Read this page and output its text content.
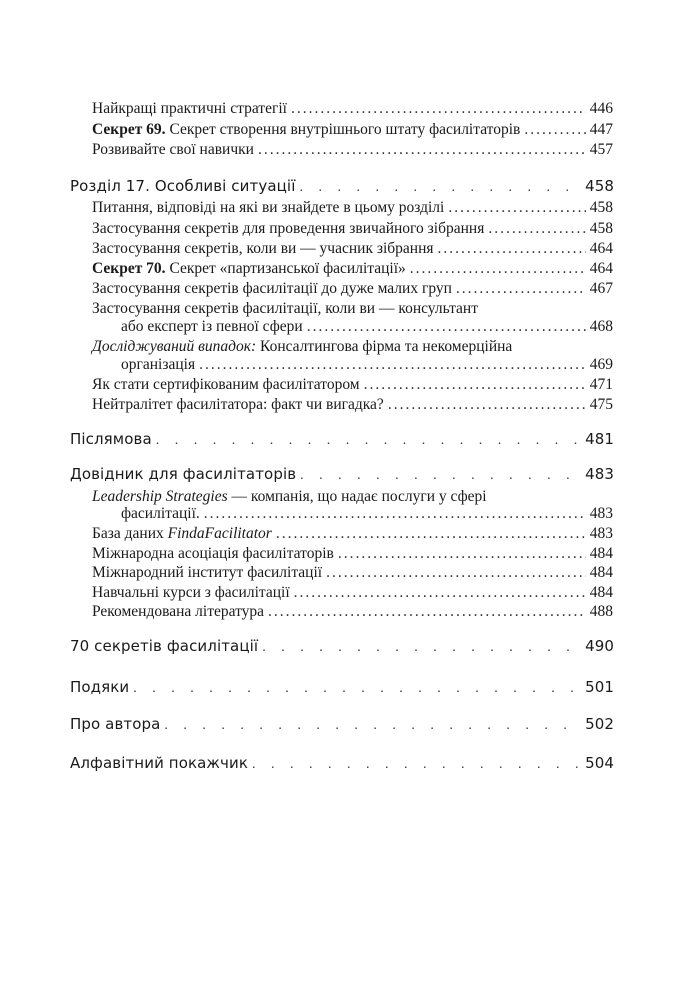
Найкращі практичні стратегії .....	446
Секрет 69. Секрет створення внутрішнього штату фасилітаторів .....	447
Розвивайте свої навички .....	457
Розділ 17. Особливі ситуації . . .	458
Питання, відповіді на які ви знайдете в цьому розділі .....	458
Застосування секретів для проведення звичайного зібрання .....	458
Застосування секретів, коли ви — учасник зібрання .....	464
Секрет 70. Секрет «партизанської фасилітації» .....	464
Застосування секретів фасилітації до дуже малих груп .....	467
Застосування секретів фасилітації, коли ви — консультант
або експерт із певної сфери .....	468
Досліджуваний випадок: Консалтингова фірма та некомерційна
організація .....	469
Як стати сертифікованим фасилітатором .....	471
Нейтралітет фасилітатора: факт чи вигадка? .....	475
Післямова . . .	481
Довідник для фасилітаторів . . .	483
Leadership Strategies — компанія, що надає послуги у сфері
фасилітації. .....	483
База даних FindaFacilitator .....	483
Міжнародна асоціація фасилітаторів .....	484
Міжнародний інститут фасилітації .....	484
Навчальні курси з фасилітації .....	484
Рекомендована література .....	488
70 секретів фасилітації . . .	490
Подяки . . .	501
Про автора . . .	502
Алфавітний покажчик . . .	504
